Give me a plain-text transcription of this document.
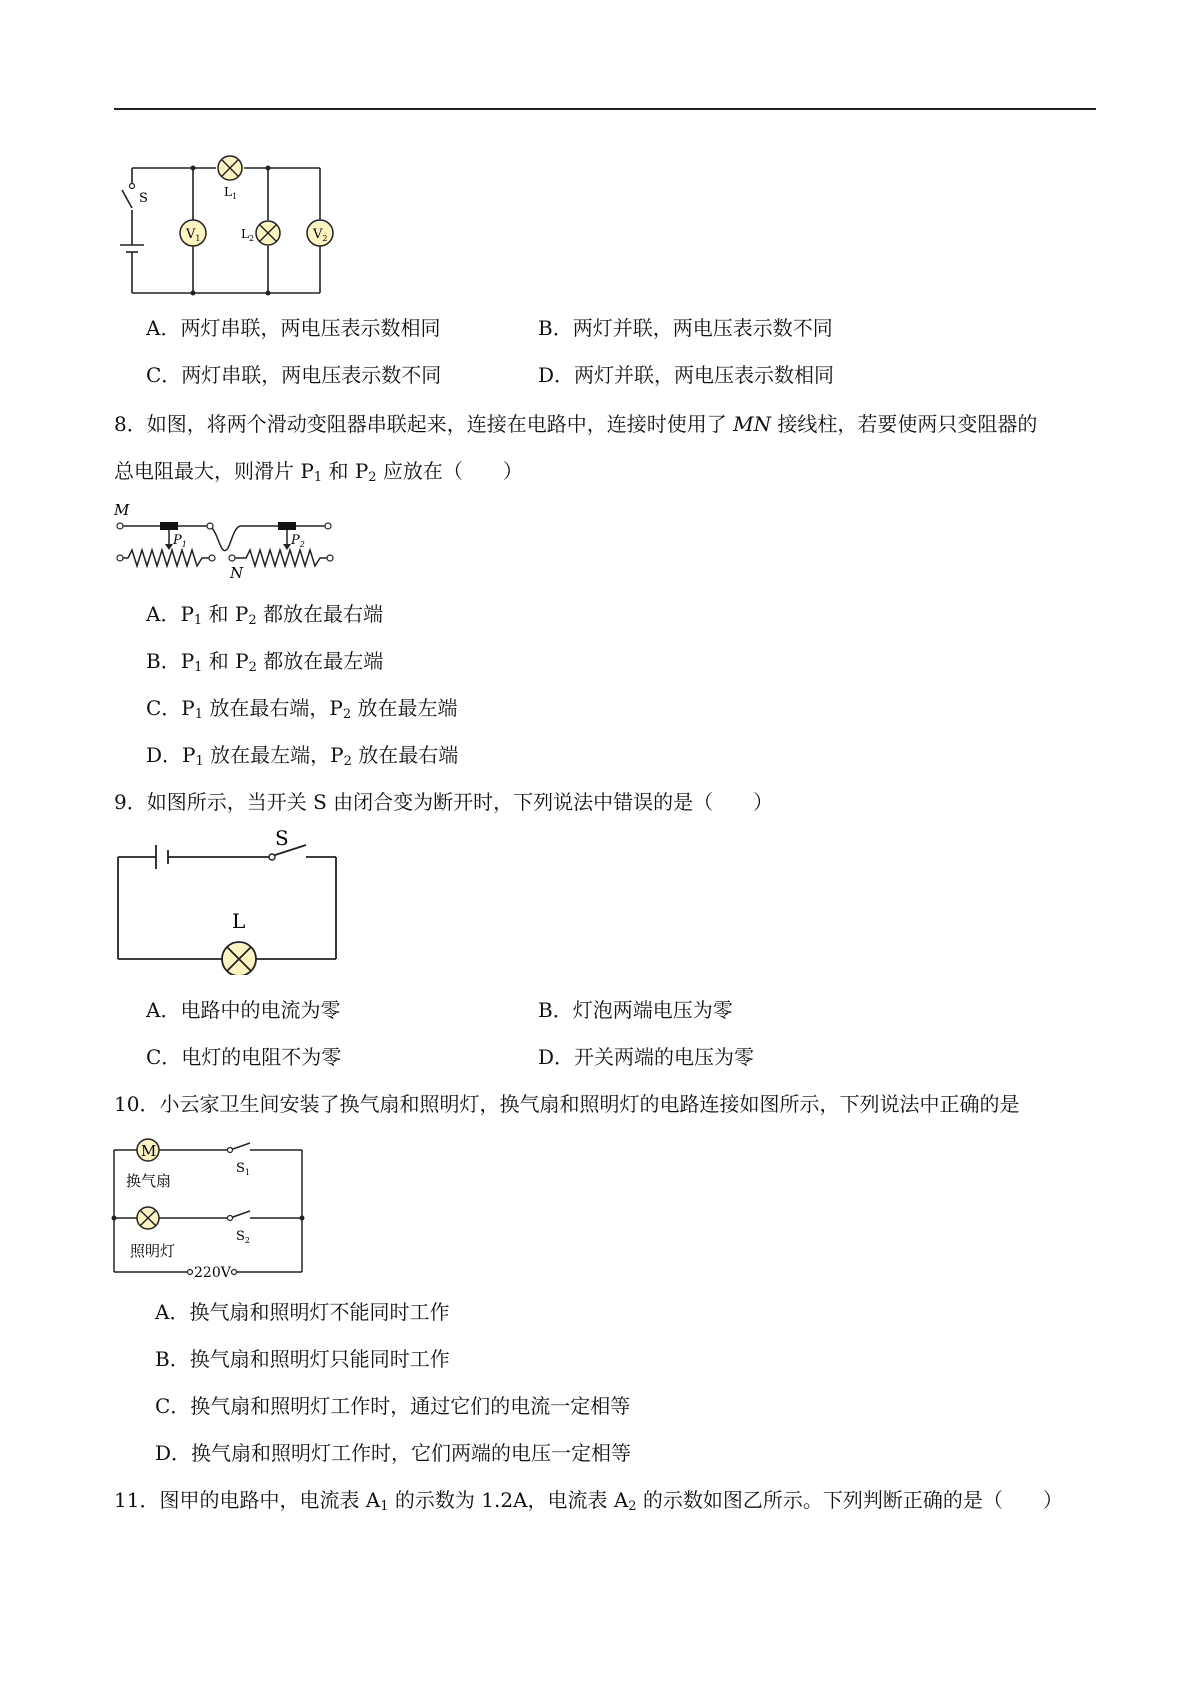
$V_1$	$V_2$
S	$L_1$
$L_2$
A．两灯串联，两电压表示数相同	B．两灯并联，两电压表示数不同
C．两灯串联，两电压表示数不同	D．两灯并联，两电压表示数相同
8．如图，将两个滑动变阻器串联起来，连接在电路中，连接时使用了 MN 接线柱，若要使两只变阻器的
总电阻最大，则滑片 $P_1$ 和 $P_2$ 应放在（　　）
M
N
$P_1$	$P_2$
A．$P_1$ 和 $P_2$ 都放在最右端
B．$P_1$ 和 $P_2$ 都放在最左端
C．$P_1$ 放在最右端，$P_2$ 放在最左端
D．$P_1$ 放在最左端，$P_2$ 放在最右端
9．如图所示，当开关 S 由闭合变为断开时，下列说法中错误的是（　　）
S
L
A．电路中的电流为零	B．灯泡两端电压为零
C．电灯的电阻不为零	D．开关两端的电压为零
10．小云家卫生间安装了换气扇和照明灯，换气扇和照明灯的电路连接如图所示，下列说法中正确的是
M
换气扇
照明灯
$S_1$
$S_2$
220V
A．换气扇和照明灯不能同时工作
B．换气扇和照明灯只能同时工作
C．换气扇和照明灯工作时，通过它们的电流一定相等
D．换气扇和照明灯工作时，它们两端的电压一定相等
11．图甲的电路中，电流表 $A_1$ 的示数为 1.2A，电流表 $A_2$ 的示数如图乙所示。下列判断正确的是（　　）
